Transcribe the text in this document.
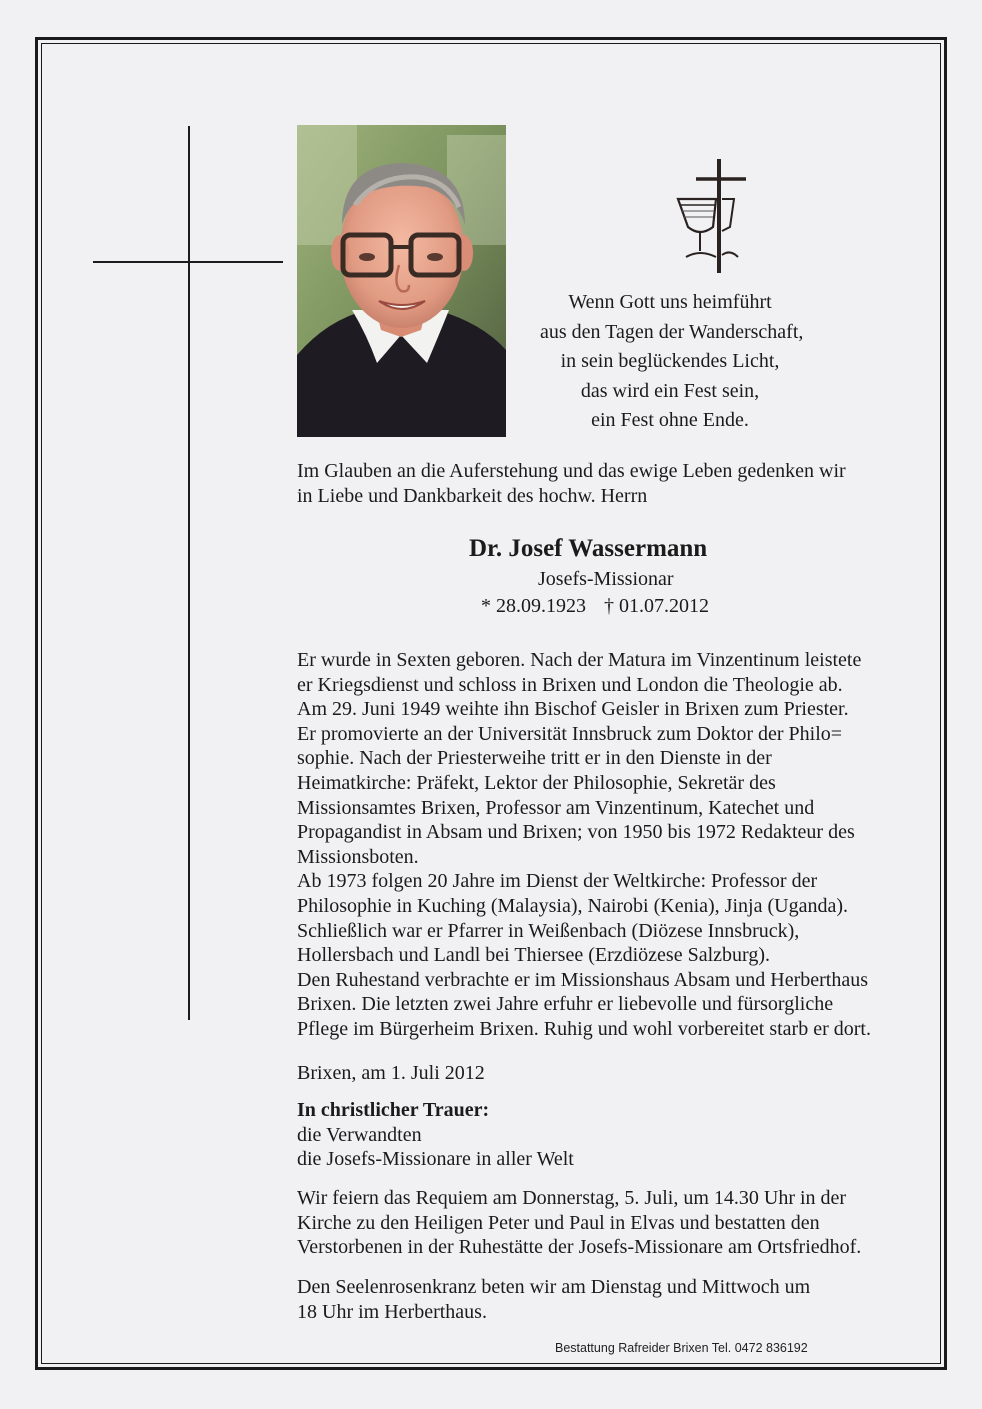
Wenn Gott uns heimführt
aus den Tagen der Wanderschaft,
in sein beglückendes Licht,
das wird ein Fest sein,
ein Fest ohne Ende.
Im Glauben an die Auferstehung und das ewige Leben gedenken wir
in Liebe und Dankbarkeit des hochw. Herrn
Dr. Josef Wassermann
Josefs-Missionar
* 28.09.1923 † 01.07.2012
Er wurde in Sexten geboren. Nach der Matura im Vinzentinum leistete
er Kriegsdienst und schloss in Brixen und London die Theologie ab.
Am 29. Juni 1949 weihte ihn Bischof Geisler in Brixen zum Priester.
Er promovierte an der Universität Innsbruck zum Doktor der Philo=
sophie. Nach der Priesterweihe tritt er in den Dienste in der
Heimatkirche: Präfekt, Lektor der Philosophie, Sekretär des
Missionsamtes Brixen, Professor am Vinzentinum, Katechet und
Propagandist in Absam und Brixen; von 1950 bis 1972 Redakteur des
Missionsboten.
Ab 1973 folgen 20 Jahre im Dienst der Weltkirche: Professor der
Philosophie in Kuching (Malaysia), Nairobi (Kenia), Jinja (Uganda).
Schließlich war er Pfarrer in Weißenbach (Diözese Innsbruck),
Hollersbach und Landl bei Thiersee (Erzdiözese Salzburg).
Den Ruhestand verbrachte er im Missionshaus Absam und Herberthaus
Brixen. Die letzten zwei Jahre erfuhr er liebevolle und fürsorgliche
Pflege im Bürgerheim Brixen. Ruhig und wohl vorbereitet starb er dort.
Brixen, am 1. Juli 2012
In christlicher Trauer:
die Verwandten
die Josefs-Missionare in aller Welt
Wir feiern das Requiem am Donnerstag, 5. Juli, um 14.30 Uhr in der
Kirche zu den Heiligen Peter und Paul in Elvas und bestatten den
Verstorbenen in der Ruhestätte der Josefs-Missionare am Ortsfriedhof.
Den Seelenrosenkranz beten wir am Dienstag und Mittwoch um
18 Uhr im Herberthaus.
Bestattung Rafreider Brixen Tel. 0472 836192
